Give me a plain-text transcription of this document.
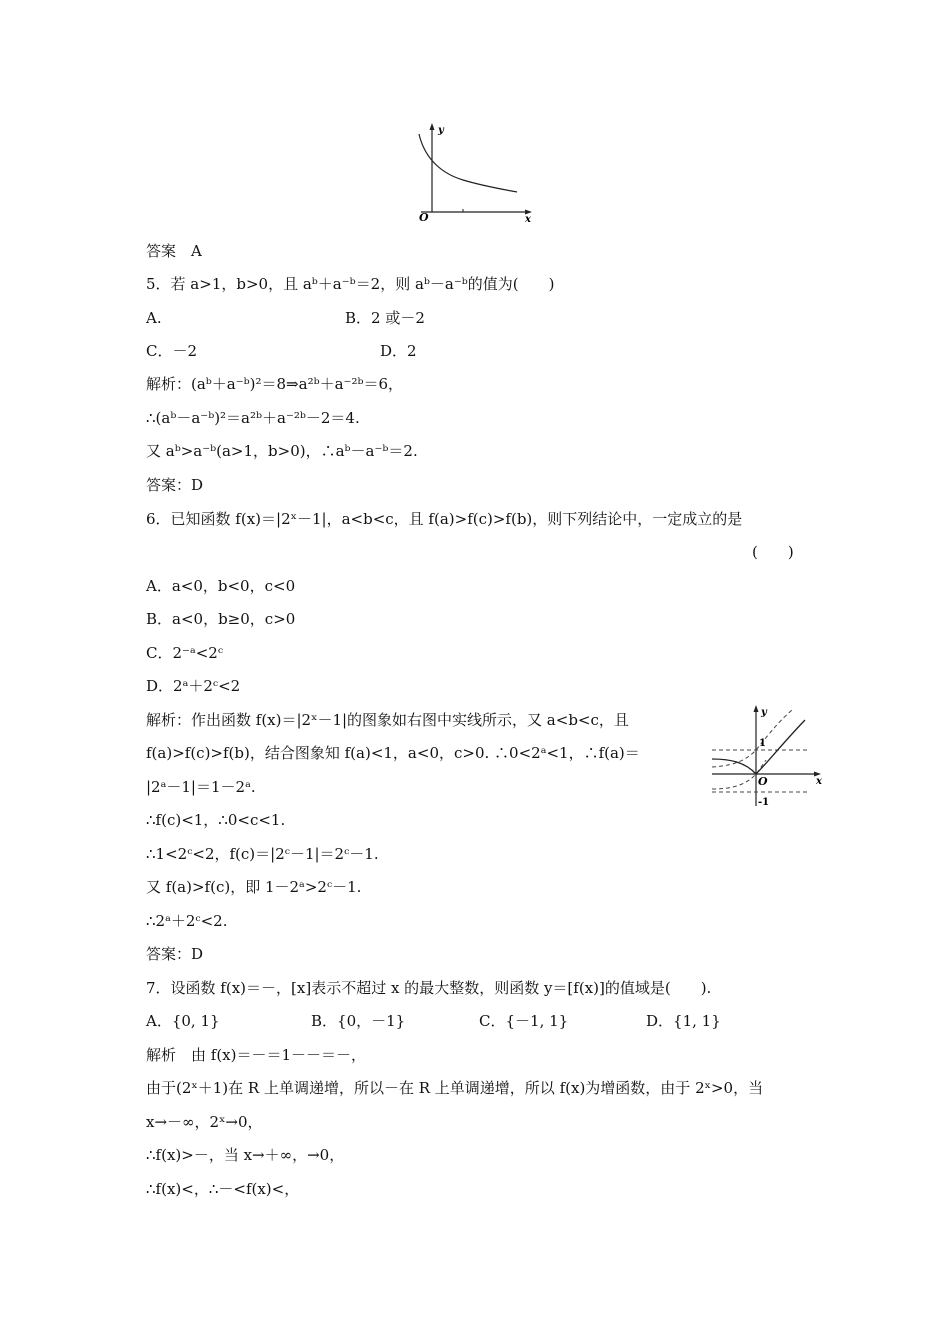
y
x
O
答案　A
5．若 a>1，b>0，且 aᵇ＋a⁻ᵇ＝2，则 aᵇ－a⁻ᵇ的值为(　　)
A.	B．2 或－2
C．－2	D．2
解析：(aᵇ＋a⁻ᵇ)²＝8⇒a²ᵇ＋a⁻²ᵇ＝6，
∴(aᵇ－a⁻ᵇ)²＝a²ᵇ＋a⁻²ᵇ－2＝4.
又 aᵇ>a⁻ᵇ(a>1，b>0)，∴aᵇ－a⁻ᵇ＝2.
答案：D
6．已知函数 f(x)＝|2ˣ－1|，a<b<c，且 f(a)>f(c)>f(b)，则下列结论中，一定成立的是
(　　)
A．a<0，b<0，c<0
B．a<0，b≥0，c>0
C．2⁻ᵃ<2ᶜ
D．2ᵃ＋2ᶜ<2
解析：作出函数 f(x)＝|2ˣ－1|的图象如右图中实线所示，又 a<b<c，且
f(a)>f(c)>f(b)，结合图象知 f(a)<1，a<0，c>0. ∴0<2ᵃ<1，∴f(a)＝
|2ᵃ－1|＝1－2ᵃ.
y
x
O
1
-1
∴f(c)<1，∴0<c<1.
∴1<2ᶜ<2，f(c)＝|2ᶜ－1|＝2ᶜ－1.
又 f(a)>f(c)，即 1－2ᵃ>2ᶜ－1.
∴2ᵃ＋2ᶜ<2.
答案：D
7．设函数 f(x)＝－，[x]表示不超过 x 的最大整数，则函数 y＝[f(x)]的值域是(　　).
A．{0, 1}	B．{0，－1}	C．{－1, 1}	D．{1, 1}
解析　由 f(x)＝－＝1－－＝－，
由于(2ˣ＋1)在 R 上单调递增，所以－在 R 上单调递增，所以 f(x)为增函数，由于 2ˣ>0，当
x→－∞，2ˣ→0，
∴f(x)>－，当 x→＋∞，→0，
∴f(x)<，∴－<f(x)<，
